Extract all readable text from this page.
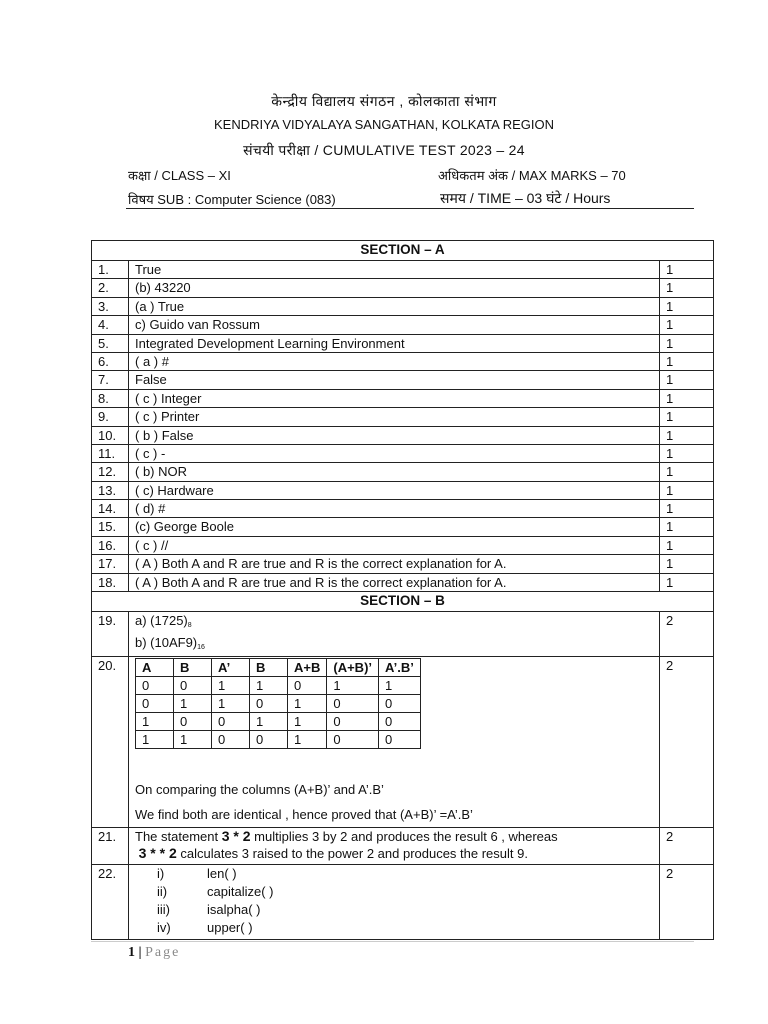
केन्द्रीय विद्यालय संगठन , कोलकाता संभाग
KENDRIYA VIDYALAYA SANGATHAN, KOLKATA REGION
संचयी परीक्षा / CUMULATIVE TEST 2023 – 24
कक्षा / CLASS – XI	अधिकतम अंक / MAX MARKS – 70
विषय SUB : Computer Science (083)	समय / TIME – 03 घंटे / Hours
SECTION – A
1.	True	1
2.	(b) 43220	1
3.	(a ) True	1
4.	c) Guido van Rossum	1
5.	Integrated Development Learning Environment	1
6.	( a ) #	1
7.	False	1
8.	( c ) Integer	1
9.	( c ) Printer	1
10.	( b ) False	1
11.	( c ) -	1
12.	( b) NOR	1
13.	( c) Hardware	1
14.	( d) #	1
15.	(c) George Boole	1
16.	( c ) //	1
17.	( A ) Both A and R are true and R is the correct explanation for A.	1
18.	( A ) Both A and R are true and R is the correct explanation for A.	1
SECTION – B
19.	a) $(1725)_8$
b) $(10AF9)_{16}$
	2
20.	A	B	A’	B	A+B	(A+B)’	A’.B’
0	0	1	1	0	1	1
0	1	1	0	1	0	0
1	0	0	1	1	0	0
1	1	0	0	1	0	0
On comparing the columns (A+B)’ and A’.B’
We find both are identical , hence proved that (A+B)’ =A’.B’
	2
21.	The statement 3 * 2 multiplies 3 by 2 and produces the result 6 , whereas
3 * * 2 calculates 3 raised to the power 2 and produces the result 9.
	2
22.	i)	len( )
ii)	capitalize( )
iii)	isalpha( )
iv)	upper( )
	2
1 | Page
